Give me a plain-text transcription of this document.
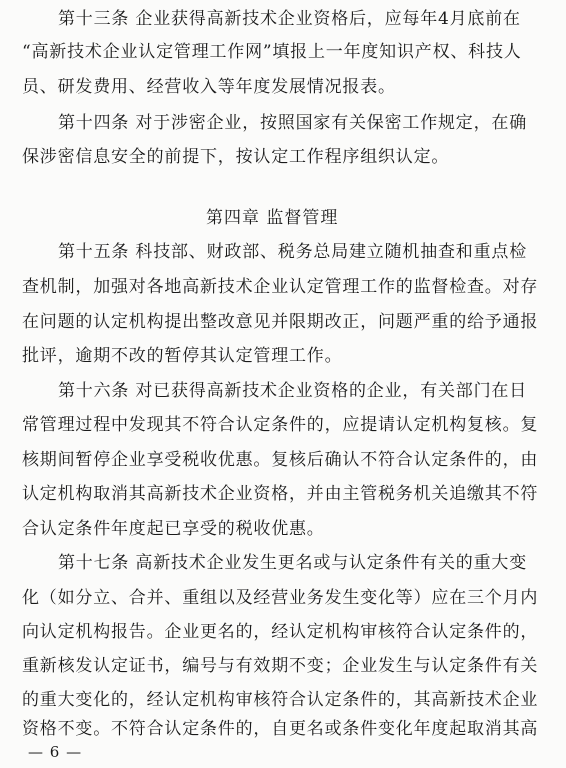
第十三条 企业获得高新技术企业资格后，应每年4月底前在
“高新技术企业认定管理工作网”填报上一年度知识产权、科技人
员、研发费用、经营收入等年度发展情况报表。
第十四条 对于涉密企业，按照国家有关保密工作规定，在确
保涉密信息安全的前提下，按认定工作程序组织认定。
第四章 监督管理
第十五条 科技部、财政部、税务总局建立随机抽查和重点检
查机制，加强对各地高新技术企业认定管理工作的监督检查。对存
在问题的认定机构提出整改意见并限期改正，问题严重的给予通报
批评，逾期不改的暂停其认定管理工作。
第十六条 对已获得高新技术企业资格的企业，有关部门在日
常管理过程中发现其不符合认定条件的，应提请认定机构复核。复
核期间暂停企业享受税收优惠。复核后确认不符合认定条件的，由
认定机构取消其高新技术企业资格，并由主管税务机关追缴其不符
合认定条件年度起已享受的税收优惠。
第十七条 高新技术企业发生更名或与认定条件有关的重大变
化（如分立、合并、重组以及经营业务发生变化等）应在三个月内
向认定机构报告。企业更名的，经认定机构审核符合认定条件的，
重新核发认定证书，编号与有效期不变；企业发生与认定条件有关
的重大变化的，经认定机构审核符合认定条件的，其高新技术企业
资格不变。不符合认定条件的，自更名或条件变化年度起取消其高
— 6 —
